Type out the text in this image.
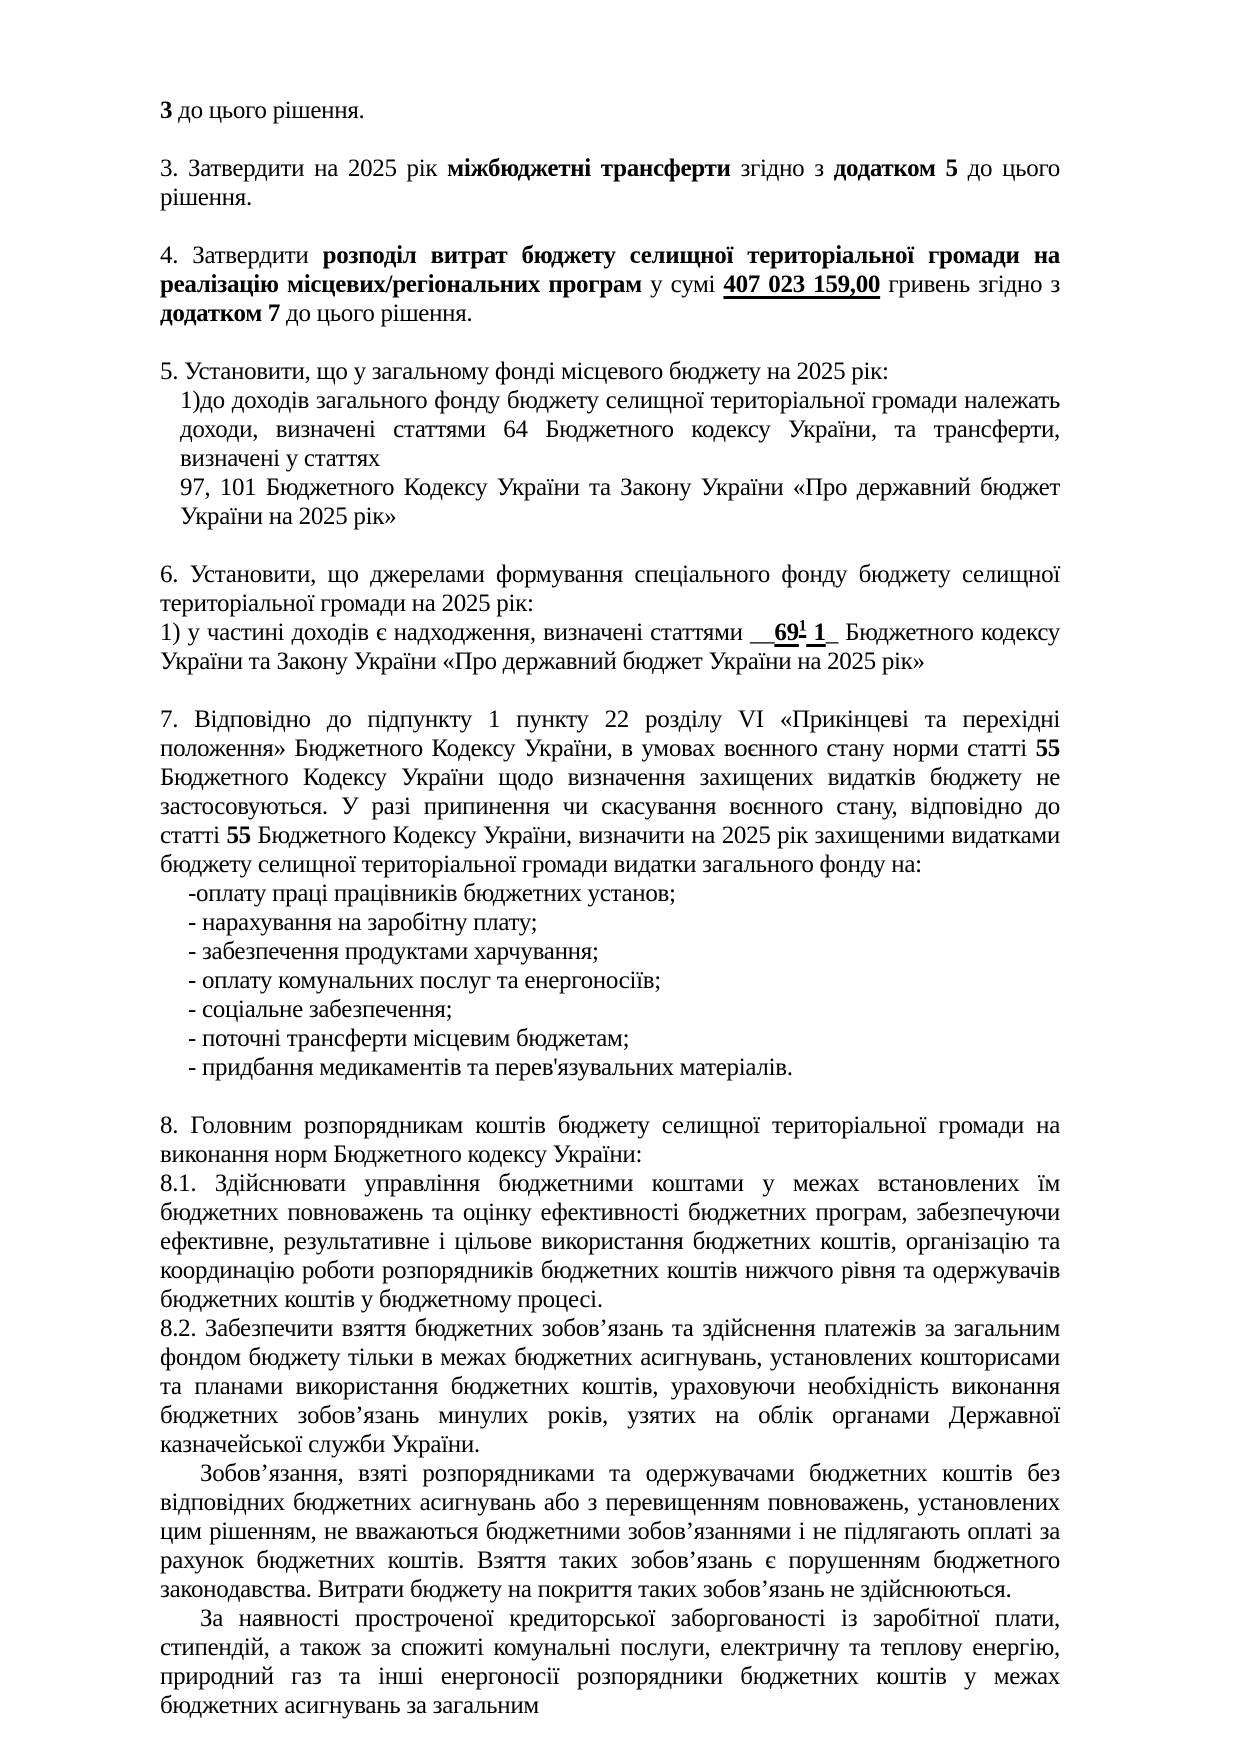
3 до цього рішення.
3. Затвердити на 2025 рік міжбюджетні трансферти згідно з додатком 5 до цього рішення.
4. Затвердити розподіл витрат бюджету селищної територіальної громади на реалізацію місцевих/регіональних програм у сумі 407 023 159,00 гривень згідно з додатком 7 до цього рішення.
5. Установити, що у загальному фонді місцевого бюджету на 2025 рік:
1)до доходів загального фонду бюджету селищної територіальної громади належать доходи, визначені статтями 64 Бюджетного кодексу України, та трансферти, визначені у статтях
97, 101 Бюджетного Кодексу України та Закону України «Про державний бюджет України на 2025 рік»
6. Установити, що джерелами формування спеціального фонду бюджету селищної територіальної громади на 2025 рік:
1) у частині доходів є надходження, визначені статтями $\_\_69^1$ 1_ Бюджетного кодексу України та Закону України «Про державний бюджет України на 2025 рік»
7. Відповідно до підпункту 1 пункту 22 розділу VI «Прикінцеві та перехідні положення» Бюджетного Кодексу України, в умовах воєнного стану норми статті 55 Бюджетного Кодексу України щодо визначення захищених видатків бюджету не застосовуються. У разі припинення чи скасування воєнного стану, відповідно до статті 55 Бюджетного Кодексу України, визначити на 2025 рік захищеними видатками бюджету селищної територіальної громади видатки загального фонду на:
-оплату праці працівників бюджетних установ;
- нарахування на заробітну плату;
- забезпечення продуктами харчування;
- оплату комунальних послуг та енергоносіїв;
- соціальне забезпечення;
- поточні трансферти місцевим бюджетам;
- придбання медикаментів та перев'язувальних матеріалів.
8. Головним розпорядникам коштів бюджету селищної територіальної громади на виконання норм Бюджетного кодексу України:
8.1. Здійснювати управління бюджетними коштами у межах встановлених їм бюджетних повноважень та оцінку ефективності бюджетних програм, забезпечуючи ефективне, результативне і цільове використання бюджетних коштів, організацію та координацію роботи розпорядників бюджетних коштів нижчого рівня та одержувачів бюджетних коштів у бюджетному процесі.
8.2. Забезпечити взяття бюджетних зобов’язань та здійснення платежів за загальним фондом бюджету тільки в межах бюджетних асигнувань, установлених кошторисами та планами використання бюджетних коштів, ураховуючи необхідність виконання бюджетних зобов’язань минулих років, узятих на облік органами Державної казначейської служби України.
Зобов’язання, взяті розпорядниками та одержувачами бюджетних коштів без відповідних бюджетних асигнувань або з перевищенням повноважень, установлених цим рішенням, не вважаються бюджетними зобов’язаннями і не підлягають оплаті за рахунок бюджетних коштів. Взяття таких зобов’язань є порушенням бюджетного законодавства. Витрати бюджету на покриття таких зобов’язань не здійснюються.
За наявності простроченої кредиторської заборгованості із заробітної плати, стипендій, а також за спожиті комунальні послуги, електричну та теплову енергію, природний газ та інші енергоносії розпорядники бюджетних коштів у межах бюджетних асигнувань за загальним
